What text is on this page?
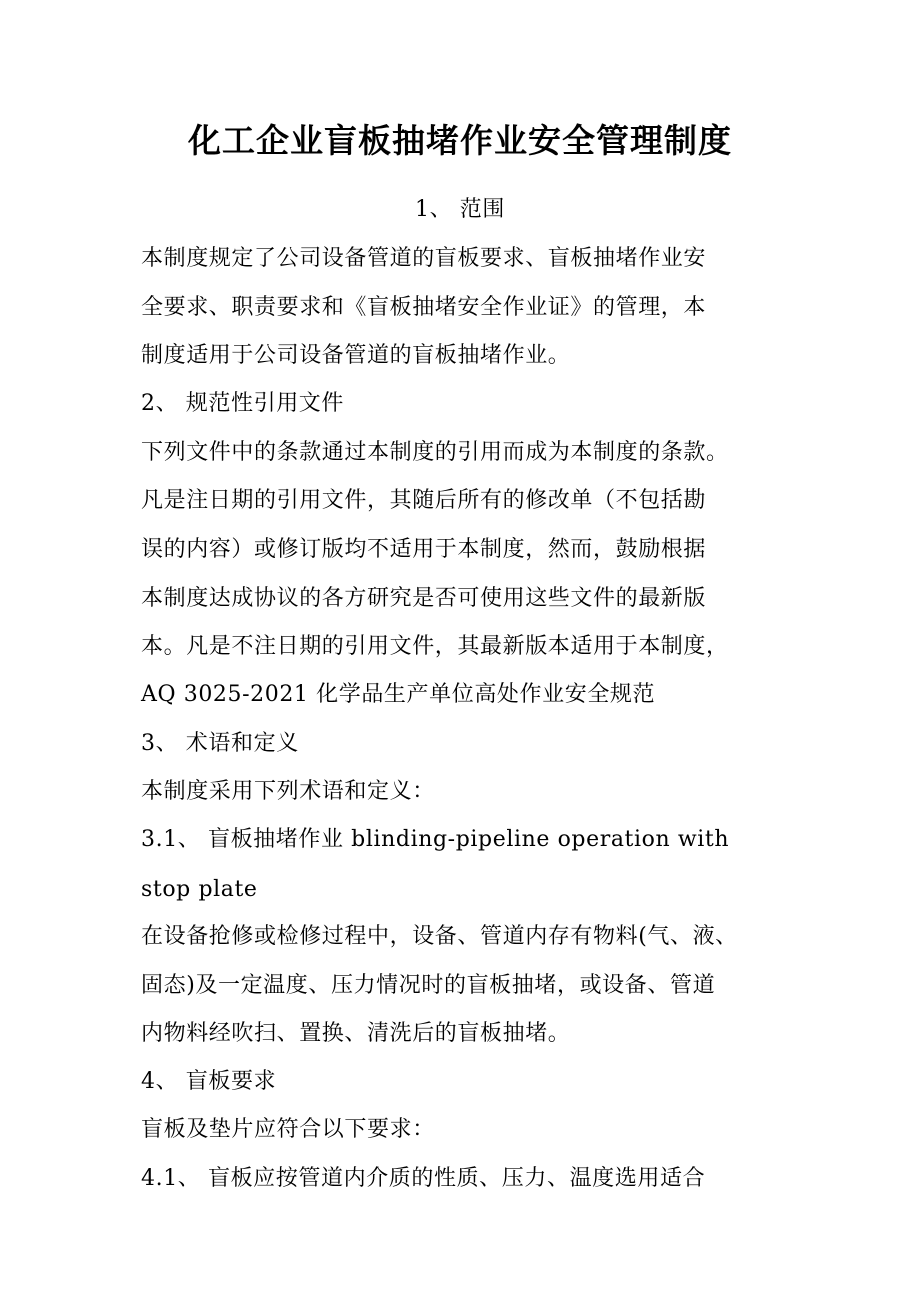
化工企业盲板抽堵作业安全管理制度
1、 范围
本制度规定了公司设备管道的盲板要求、盲板抽堵作业安
全要求、职责要求和《盲板抽堵安全作业证》的管理，本
制度适用于公司设备管道的盲板抽堵作业。
2、 规范性引用文件
下列文件中的条款通过本制度的引用而成为本制度的条款。
凡是注日期的引用文件，其随后所有的修改单（不包括勘
误的内容）或修订版均不适用于本制度，然而，鼓励根据
本制度达成协议的各方研究是否可使用这些文件的最新版
本。凡是不注日期的引用文件，其最新版本适用于本制度，
AQ 3025-2021 化学品生产单位高处作业安全规范
3、 术语和定义
本制度采用下列术语和定义：
3.1、 盲板抽堵作业 blinding-pipeline operation with
stop plate
在设备抢修或检修过程中，设备、管道内存有物料(气、液、
固态)及一定温度、压力情况时的盲板抽堵，或设备、管道
内物料经吹扫、置换、清洗后的盲板抽堵。
4、 盲板要求
盲板及垫片应符合以下要求：
4.1、 盲板应按管道内介质的性质、压力、温度选用适合
